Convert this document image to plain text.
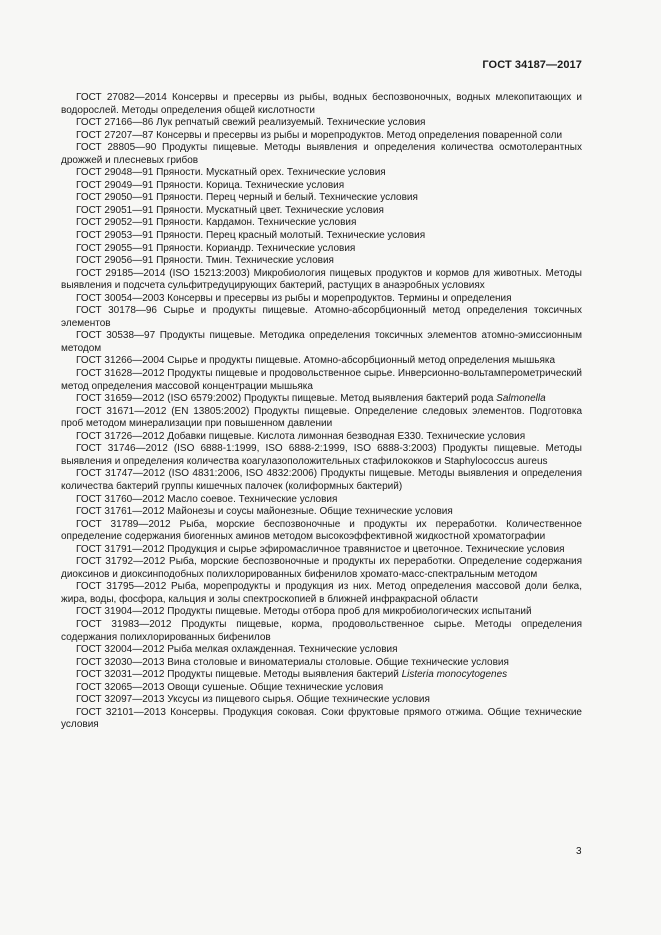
ГОСТ 34187—2017
ГОСТ 27082—2014 Консервы и пресервы из рыбы, водных беспозвоночных, водных млекопитающих и водорослей. Методы определения общей кислотности
ГОСТ 27166—86 Лук репчатый свежий реализуемый. Технические условия
ГОСТ 27207—87 Консервы и пресервы из рыбы и морепродуктов. Метод определения поваренной соли
ГОСТ 28805—90 Продукты пищевые. Методы выявления и определения количества осмотолерантных дрожжей и плесневых грибов
ГОСТ 29048—91 Пряности. Мускатный орех. Технические условия
ГОСТ 29049—91 Пряности. Корица. Технические условия
ГОСТ 29050—91 Пряности. Перец черный и белый. Технические условия
ГОСТ 29051—91 Пряности. Мускатный цвет. Технические условия
ГОСТ 29052—91 Пряности. Кардамон. Технические условия
ГОСТ 29053—91 Пряности. Перец красный молотый. Технические условия
ГОСТ 29055—91 Пряности. Кориандр. Технические условия
ГОСТ 29056—91 Пряности. Тмин. Технические условия
ГОСТ 29185—2014 (ISO 15213:2003) Микробиология пищевых продуктов и кормов для животных. Методы выявления и подсчета сульфитредуцирующих бактерий, растущих в анаэробных условиях
ГОСТ 30054—2003 Консервы и пресервы из рыбы и морепродуктов. Термины и определения
ГОСТ 30178—96 Сырье и продукты пищевые. Атомно-абсорбционный метод определения токсичных элементов
ГОСТ 30538—97 Продукты пищевые. Методика определения токсичных элементов атомно-эмиссионным методом
ГОСТ 31266—2004 Сырье и продукты пищевые. Атомно-абсорбционный метод определения мышьяка
ГОСТ 31628—2012 Продукты пищевые и продовольственное сырье. Инверсионно-вольтамперометрический метод определения массовой концентрации мышьяка
ГОСТ 31659—2012 (ISO 6579:2002) Продукты пищевые. Метод выявления бактерий рода Salmonella
ГОСТ 31671—2012 (EN 13805:2002) Продукты пищевые. Определение следовых элементов. Подготовка проб методом минерализации при повышенном давлении
ГОСТ 31726—2012 Добавки пищевые. Кислота лимонная безводная Е330. Технические условия
ГОСТ 31746—2012 (ISO 6888-1:1999, ISO 6888-2:1999, ISO 6888-3:2003) Продукты пищевые. Методы выявления и определения количества коагулазоположительных стафилококков и Staphylococcus aureus
ГОСТ 31747—2012 (ISO 4831:2006, ISO 4832:2006) Продукты пищевые. Методы выявления и определения количества бактерий группы кишечных палочек (колиформных бактерий)
ГОСТ 31760—2012 Масло соевое. Технические условия
ГОСТ 31761—2012 Майонезы и соусы майонезные. Общие технические условия
ГОСТ 31789—2012 Рыба, морские беспозвоночные и продукты их переработки. Количественное определение содержания биогенных аминов методом высокоэффективной жидкостной хроматографии
ГОСТ 31791—2012 Продукция и сырье эфиромасличное травянистое и цветочное. Технические условия
ГОСТ 31792—2012 Рыба, морские беспозвоночные и продукты их переработки. Определение содержания диоксинов и диоксинподобных полихлорированных бифенилов хромато-масс-спектральным методом
ГОСТ 31795—2012 Рыба, морепродукты и продукция из них. Метод определения массовой доли белка, жира, воды, фосфора, кальция и золы спектроскопией в ближней инфракрасной области
ГОСТ 31904—2012 Продукты пищевые. Методы отбора проб для микробиологических испытаний
ГОСТ 31983—2012 Продукты пищевые, корма, продовольственное сырье. Методы определения содержания полихлорированных бифенилов
ГОСТ 32004—2012 Рыба мелкая охлажденная. Технические условия
ГОСТ 32030—2013 Вина столовые и виноматериалы столовые. Общие технические условия
ГОСТ 32031—2012 Продукты пищевые. Методы выявления бактерий Listeria monocytogenes
ГОСТ 32065—2013 Овощи сушеные. Общие технические условия
ГОСТ 32097—2013 Уксусы из пищевого сырья. Общие технические условия
ГОСТ 32101—2013 Консервы. Продукция соковая. Соки фруктовые прямого отжима. Общие технические условия
3
